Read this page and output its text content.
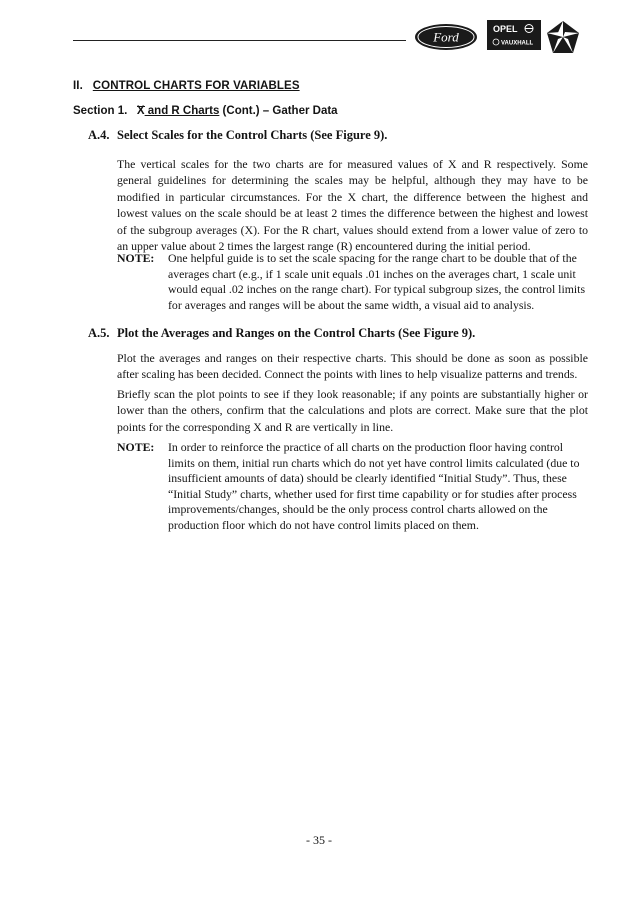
Ford
OPEL
VAUXHALL
II. CONTROL CHARTS FOR VARIABLES
Section 1. X and R Charts (Cont.) – Gather Data
A.4. Select Scales for the Control Charts (See Figure 9).
The vertical scales for the two charts are for measured values of X and R respectively. Some general guidelines for determining the scales may be helpful, although they may have to be modified in particular circumstances. For the X chart, the difference between the highest and lowest values on the scale should be at least 2 times the difference between the highest and lowest of the subgroup averages (X). For the R chart, values should extend from a lower value of zero to an upper value about 2 times the largest range (R) encountered during the initial period.
NOTE: One helpful guide is to set the scale spacing for the range chart to be double that of the averages chart (e.g., if 1 scale unit equals .01 inches on the averages chart, 1 scale unit would equal .02 inches on the range chart). For typical subgroup sizes, the control limits for averages and ranges will be about the same width, a visual aid to analysis.
A.5. Plot the Averages and Ranges on the Control Charts (See Figure 9).
Plot the averages and ranges on their respective charts. This should be done as soon as possible after scaling has been decided. Connect the points with lines to help visualize patterns and trends.
Briefly scan the plot points to see if they look reasonable; if any points are substantially higher or lower than the others, confirm that the calculations and plots are correct. Make sure that the plot points for the corresponding X and R are vertically in line.
NOTE: In order to reinforce the practice of all charts on the production floor having control limits on them, initial run charts which do not yet have control limits calculated (due to insufficient amounts of data) should be clearly identified “Initial Study”. Thus, these “Initial Study” charts, whether used for first time capability or for studies after process improvements/changes, should be the only process control charts allowed on the production floor which do not have control limits placed on them.
- 35 -
